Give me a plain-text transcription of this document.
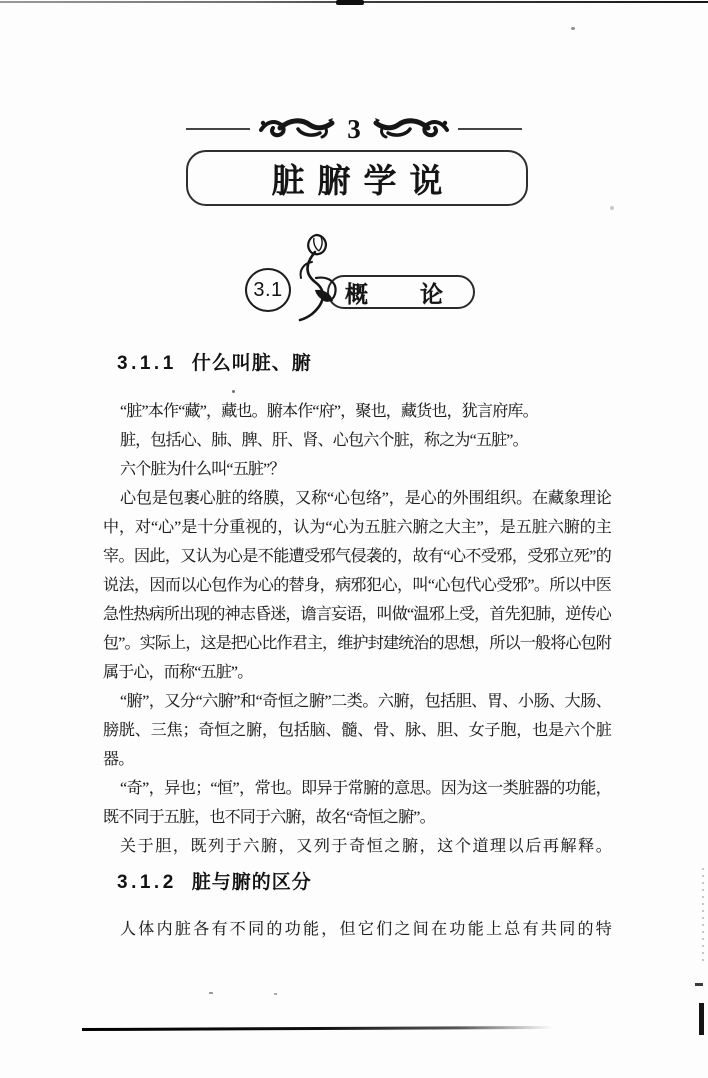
3
脏腑学说
概 论
3.1
3.1.1 什么叫脏、腑

“脏”本作“藏”，藏也。腑本作“府”，聚也，藏货也，犹言府库。

脏，包括心、肺、脾、肝、肾、心包六个脏，称之为“五脏”。

六个脏为什么叫“五脏”？

心包是包裹心脏的络膜，又称“心包络”，是心的外围组织。在藏象理论中，对“心”是十分重视的，认为“心为五脏六腑之大主”，是五脏六腑的主宰。因此，又认为心是不能遭受邪气侵袭的，故有“心不受邪，受邪立死”的说法，因而以心包作为心的替身，病邪犯心，叫“心包代心受邪”。所以中医急性热病所出现的神志昏迷，谵言妄语，叫做“温邪上受，首先犯肺，逆传心包”。实际上，这是把心比作君主，维护封建统治的思想，所以一般将心包附属于心，而称“五脏”。

“腑”，又分“六腑”和“奇恒之腑”二类。六腑，包括胆、胃、小肠、大肠、膀胱、三焦；奇恒之腑，包括脑、髓、骨、脉、胆、女子胞，也是六个脏器。

“奇”，异也；“恒”，常也。即异于常腑的意思。因为这一类脏器的功能，既不同于五脏，也不同于六腑，故名“奇恒之腑”。

关于胆，既列于六腑，又列于奇恒之腑，这个道理以后再解释。

3.1.2 脏与腑的区分

人体内脏各有不同的功能，但它们之间在功能上总有共同的特
